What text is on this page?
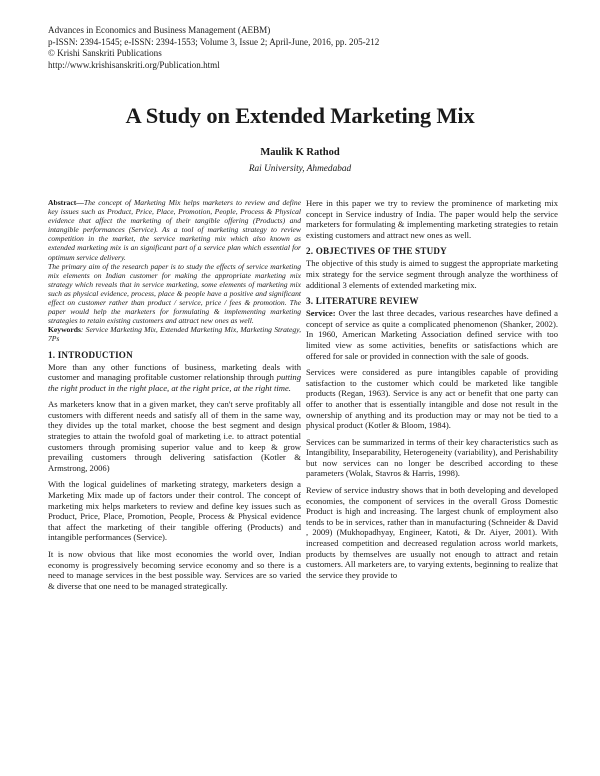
Advances in Economics and Business Management (AEBM)
p-ISSN: 2394-1545; e-ISSN: 2394-1553; Volume 3, Issue 2; April-June, 2016, pp. 205-212
© Krishi Sanskriti Publications
http://www.krishisanskriti.org/Publication.html
A Study on Extended Marketing Mix
Maulik K Rathod
Rai University, Ahmedabad

Abstract—The concept of Marketing Mix helps marketers to review and define key issues such as Product, Price, Place, Promotion, People, Process & Physical evidence that affect the marketing of their tangible offering (Products) and intangible performances (Service). As a tool of marketing strategy to review competition in the market, the service marketing mix which also known as extended marketing mix is an significant part of a service plan which essential for optimum service delivery.

The primary aim of the research paper is to study the effects of service marketing mix elements on Indian customer for making the appropriate marketing mix strategy which reveals that in service marketing, some elements of marketing mix such as physical evidence, process, place & people have a positive and significant effect on customer rather than product / service, price / fees & promotion. The paper would help the marketers for formulating & implementing marketing strategies to retain existing customers and attract new ones as well.

Keywords: Service Marketing Mix, Extended Marketing Mix, Marketing Strategy, 7Ps

1. INTRODUCTION

More than any other functions of business, marketing deals with customer and managing profitable customer relationship through putting the right product in the right place, at the right price, at the right time.

As marketers know that in a given market, they can't serve profitably all customers with different needs and satisfy all of them in the same way, they divides up the total market, choose the best segment and design strategies to attain the twofold goal of marketing i.e. to attract potential customers through promising superior value and to keep & grow prevailing customers through delivering satisfaction (Kotler & Armstrong, 2006)

With the logical guidelines of marketing strategy, marketers design a Marketing Mix made up of factors under their control. The concept of marketing mix helps marketers to review and define key issues such as Product, Price, Place, Promotion, People, Process & Physical evidence that affect the marketing of their tangible offering (Products) and intangible performances (Service).

It is now obvious that like most economies the world over, Indian economy is progressively becoming service economy and so there is a need to manage services in the best possible way. Services are so varied & diverse that one need to be managed strategically.

Here in this paper we try to review the prominence of marketing mix concept in Service industry of India. The paper would help the service marketers for formulating & implementing marketing strategies to retain existing customers and attract new ones as well.

2. OBJECTIVES OF THE STUDY

The objective of this study is aimed to suggest the appropriate marketing mix strategy for the service segment through analyze the worthiness of additional 3 elements of extended marketing mix.

3. LITERATURE REVIEW

Service: Over the last three decades, various researches have defined a concept of service as quite a complicated phenomenon (Shanker, 2002). In 1960, American Marketing Association defined service with too limited view as some activities, benefits or satisfactions which are offered for sale or provided in connection with the sale of goods.

Services were considered as pure intangibles capable of providing satisfaction to the customer which could be marketed like tangible products (Regan, 1963). Service is any act or benefit that one party can offer to another that is essentially intangible and dose not result in the ownership of anything and its production may or may not be tied to a physical product (Kotler & Bloom, 1984).

Services can be summarized in terms of their key characteristics such as Intangibility, Inseparability, Heterogeneity (variability), and Perishability but now services can no longer be described according to these parameters (Wolak, Stavros & Harris, 1998).

Review of service industry shows that in both developing and developed economies, the component of services in the overall Gross Domestic Product is high and increasing. The largest chunk of employment also tends to be in services, rather than in manufacturing (Schneider & David , 2009) (Mukhopadhyay, Engineer, Katoti, & Dr. Aiyer, 2001). With increased competition and decreased regulation across world markets, products by themselves are usually not enough to attract and retain customers. All marketers are, to varying extents, beginning to realize that the service they provide to
